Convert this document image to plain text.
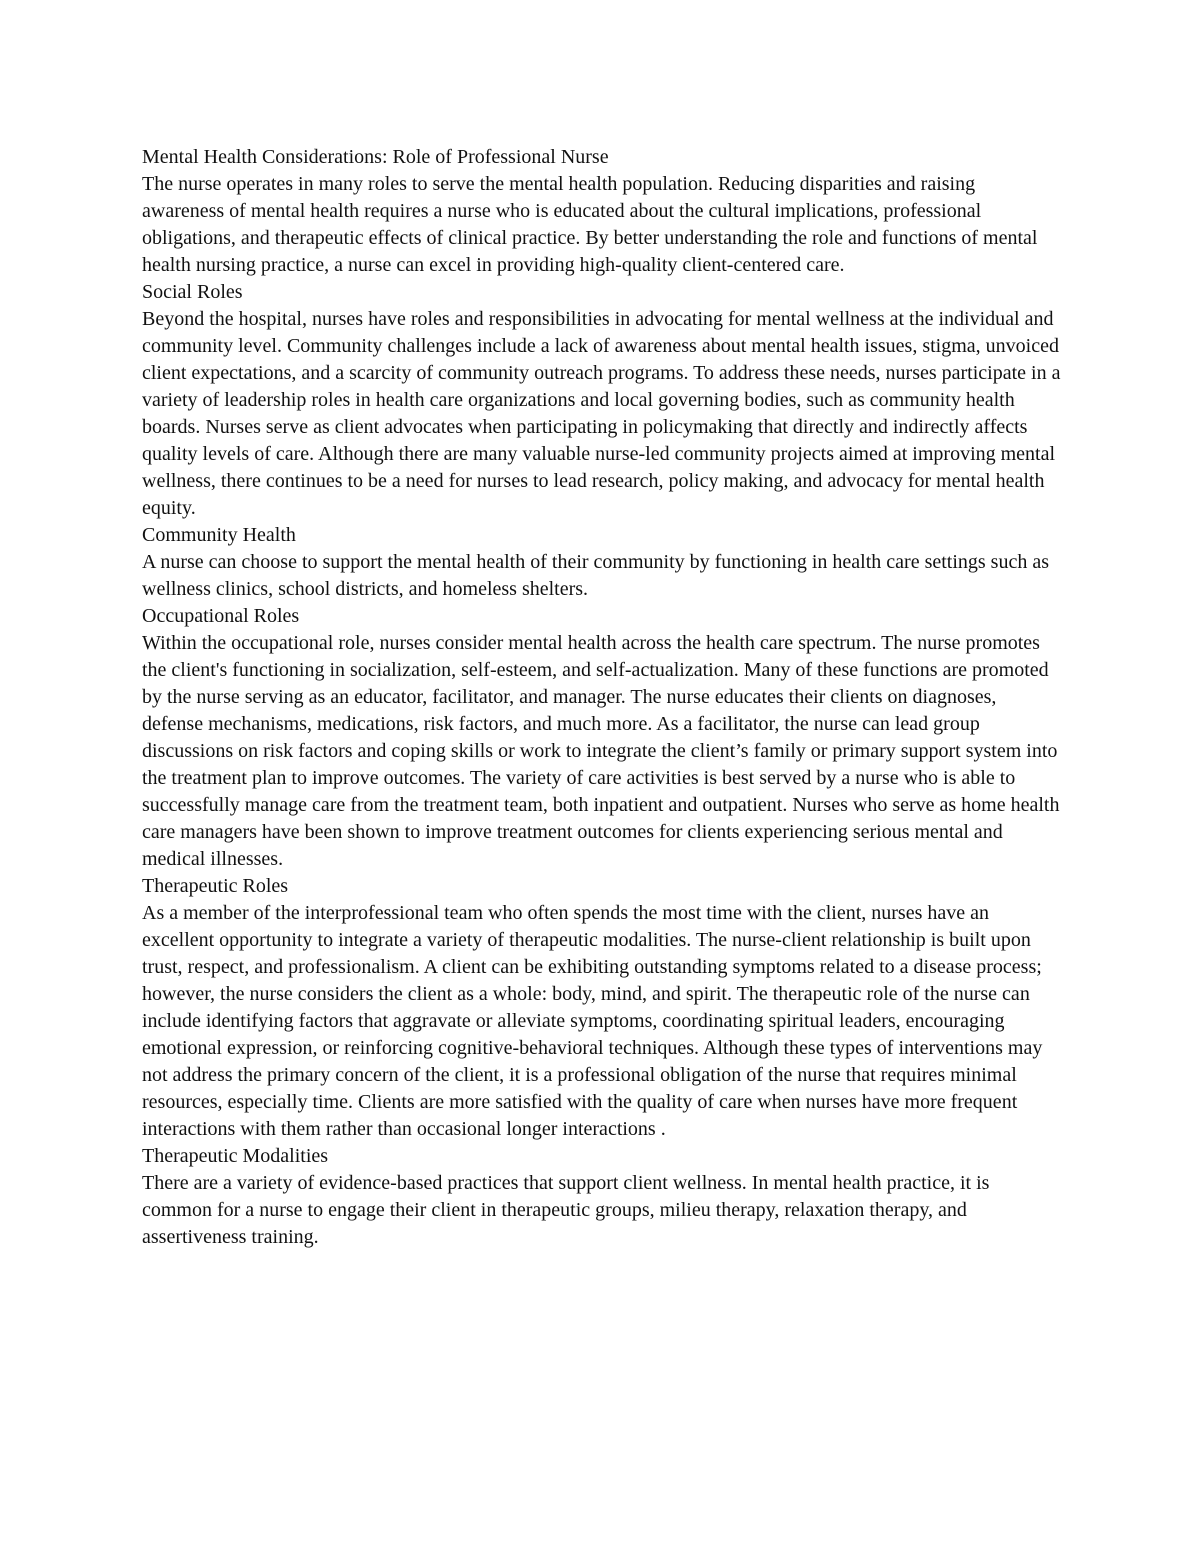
Mental Health Considerations: Role of Professional Nurse

The nurse operates in many roles to serve the mental health population. Reducing disparities and raising awareness of mental health requires a nurse who is educated about the cultural implications, professional obligations, and therapeutic effects of clinical practice. By better understanding the role and functions of mental health nursing practice, a nurse can excel in providing high-quality client-centered care.

Social Roles

Beyond the hospital, nurses have roles and responsibilities in advocating for mental wellness at the individual and community level. Community challenges include a lack of awareness about mental health issues, stigma, unvoiced client expectations, and a scarcity of community outreach programs. To address these needs, nurses participate in a variety of leadership roles in health care organizations and local governing bodies, such as community health boards. Nurses serve as client advocates when participating in policymaking that directly and indirectly affects quality levels of care. Although there are many valuable nurse-led community projects aimed at improving mental wellness, there continues to be a need for nurses to lead research, policy making, and advocacy for mental health equity.

Community Health

A nurse can choose to support the mental health of their community by functioning in health care settings such as wellness clinics, school districts, and homeless shelters.

Occupational Roles

Within the occupational role, nurses consider mental health across the health care spectrum. The nurse promotes the client's functioning in socialization, self-esteem, and self-actualization. Many of these functions are promoted by the nurse serving as an educator, facilitator, and manager. The nurse educates their clients on diagnoses, defense mechanisms, medications, risk factors, and much more. As a facilitator, the nurse can lead group discussions on risk factors and coping skills or work to integrate the client’s family or primary support system into the treatment plan to improve outcomes. The variety of care activities is best served by a nurse who is able to successfully manage care from the treatment team, both inpatient and outpatient. Nurses who serve as home health care managers have been shown to improve treatment outcomes for clients experiencing serious mental and medical illnesses.

Therapeutic Roles

As a member of the interprofessional team who often spends the most time with the client, nurses have an excellent opportunity to integrate a variety of therapeutic modalities. The nurse-client relationship is built upon trust, respect, and professionalism. A client can be exhibiting outstanding symptoms related to a disease process; however, the nurse considers the client as a whole: body, mind, and spirit. The therapeutic role of the nurse can include identifying factors that aggravate or alleviate symptoms, coordinating spiritual leaders, encouraging emotional expression, or reinforcing cognitive-behavioral techniques. Although these types of interventions may not address the primary concern of the client, it is a professional obligation of the nurse that requires minimal resources, especially time. Clients are more satisfied with the quality of care when nurses have more frequent interactions with them rather than occasional longer interactions .

Therapeutic Modalities

There are a variety of evidence-based practices that support client wellness. In mental health practice, it is common for a nurse to engage their client in therapeutic groups, milieu therapy, relaxation therapy, and assertiveness training.
